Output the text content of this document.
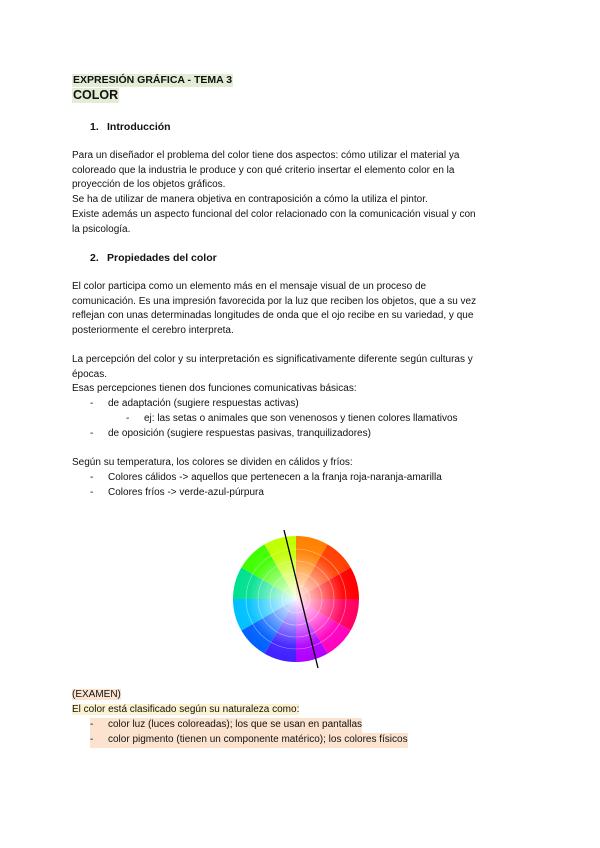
EXPRESIÓN GRÁFICA - TEMA 3
COLOR
1. Introducción

Para un diseñador el problema del color tiene dos aspectos: cómo utilizar el material ya

coloreado que la industria le produce y con qué criterio insertar el elemento color en la

proyección de los objetos gráficos.

Se ha de utilizar de manera objetiva en contraposición a cómo la utiliza el pintor.

Existe además un aspecto funcional del color relacionado con la comunicación visual y con

la psicología.

2. Propiedades del color

El color participa como un elemento más en el mensaje visual de un proceso de

comunicación. Es una impresión favorecida por la luz que reciben los objetos, que a su vez

reflejan con unas determinadas longitudes de onda que el ojo recibe en su variedad, y que

posteriormente el cerebro interpreta.

La percepción del color y su interpretación es significativamente diferente según culturas y

épocas.

Esas percepciones tienen dos funciones comunicativas básicas:

- de adaptación (sugiere respuestas activas)
- ej: las setas o animales que son venenosos y tienen colores llamativos
- de oposición (sugiere respuestas pasivas, tranquilizadores)

Según su temperatura, los colores se dividen en cálidos y fríos:

- Colores cálidos -> aquellos que pertenecen a la franja roja-naranja-amarilla
- Colores fríos -> verde-azul-púrpura

(EXAMEN)

El color está clasificado según su naturaleza como:

- color luz (luces coloreadas); los que se usan en pantallas
- color pigmento (tienen un componente matérico); los colores físicos
